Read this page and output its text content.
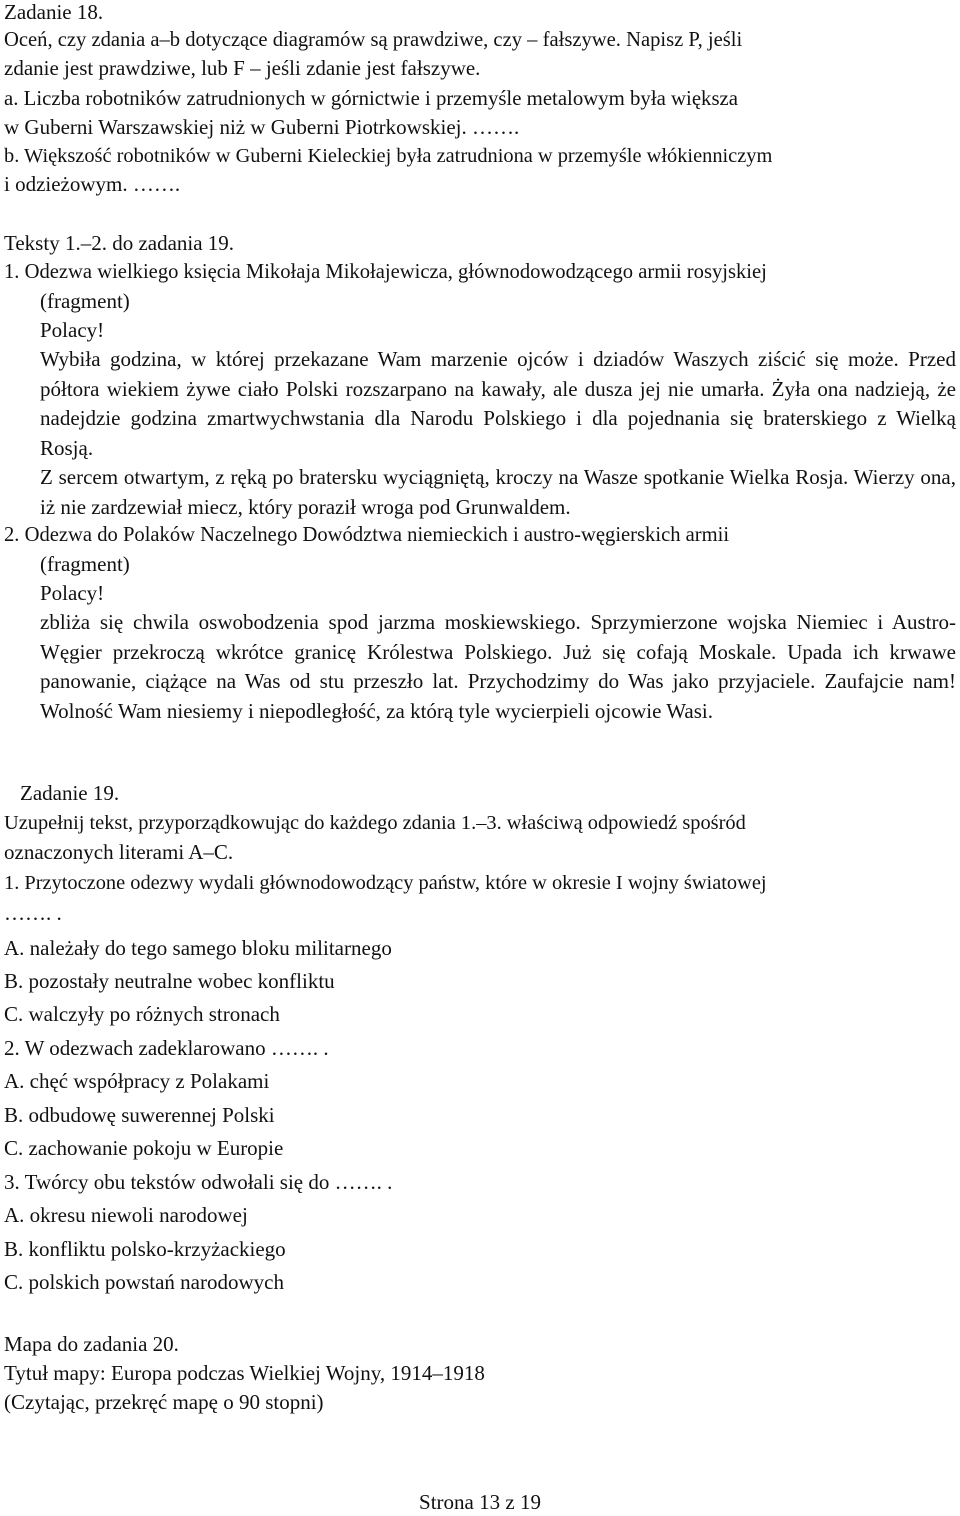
Zadanie 18.
Oceń, czy zdania a–b dotyczące diagramów są prawdziwe, czy – fałszywe. Napisz P, jeśli
zdanie jest prawdziwe, lub F – jeśli zdanie jest fałszywe.
a. Liczba robotników zatrudnionych w górnictwie i przemyśle metalowym była większa
w Guberni Warszawskiej niż w Guberni Piotrkowskiej. …….
b. Większość robotników w Guberni Kieleckiej była zatrudniona w przemyśle włókienniczym
i odzieżowym. …….
Teksty 1.–2. do zadania 19.
1. Odezwa wielkiego księcia Mikołaja Mikołajewicza, głównodowodzącego armii rosyjskiej
(fragment)
Polacy!

Wybiła godzina, w której przekazane Wam marzenie ojców i dziadów Waszych ziścić się może. Przed półtora wiekiem żywe ciało Polski rozszarpano na kawały, ale dusza jej nie umarła. Żyła ona nadzieją, że nadejdzie godzina zmartwychwstania dla Narodu Polskiego i dla pojednania się braterskiego z Wielką Rosją.

Z sercem otwartym, z ręką po bratersku wyciągniętą, kroczy na Wasze spotkanie Wielka Rosja. Wierzy ona, iż nie zardzewiał miecz, który poraził wroga pod Grunwaldem.

2. Odezwa do Polaków Naczelnego Dowództwa niemieckich i austro-węgierskich armii
(fragment)
Polacy!

zbliża się chwila oswobodzenia spod jarzma moskiewskiego. Sprzymierzone wojska Niemiec i Austro-Węgier przekroczą wkrótce granicę Królestwa Polskiego. Już się cofają Moskale. Upada ich krwawe panowanie, ciążące na Was od stu przeszło lat. Przychodzimy do Was jako przyjaciele. Zaufajcie nam! Wolność Wam niesiemy i niepodległość, za którą tyle wycierpieli ojcowie Wasi.

Zadanie 19.
Uzupełnij tekst, przyporządkowując do każdego zdania 1.–3. właściwą odpowiedź spośród
oznaczonych literami A–C.
1. Przytoczone odezwy wydali głównodowodzący państw, które w okresie I wojny światowej
……. .
A. należały do tego samego bloku militarnego
B. pozostały neutralne wobec konfliktu
C. walczyły po różnych stronach
2. W odezwach zadeklarowano ……. .
A. chęć współpracy z Polakami
B. odbudowę suwerennej Polski
C. zachowanie pokoju w Europie
3. Twórcy obu tekstów odwołali się do ……. .
A. okresu niewoli narodowej
B. konfliktu polsko-krzyżackiego
C. polskich powstań narodowych
Mapa do zadania 20.
Tytuł mapy: Europa podczas Wielkiej Wojny, 1914–1918
(Czytając, przekręć mapę o 90 stopni)
Strona 13 z 19
